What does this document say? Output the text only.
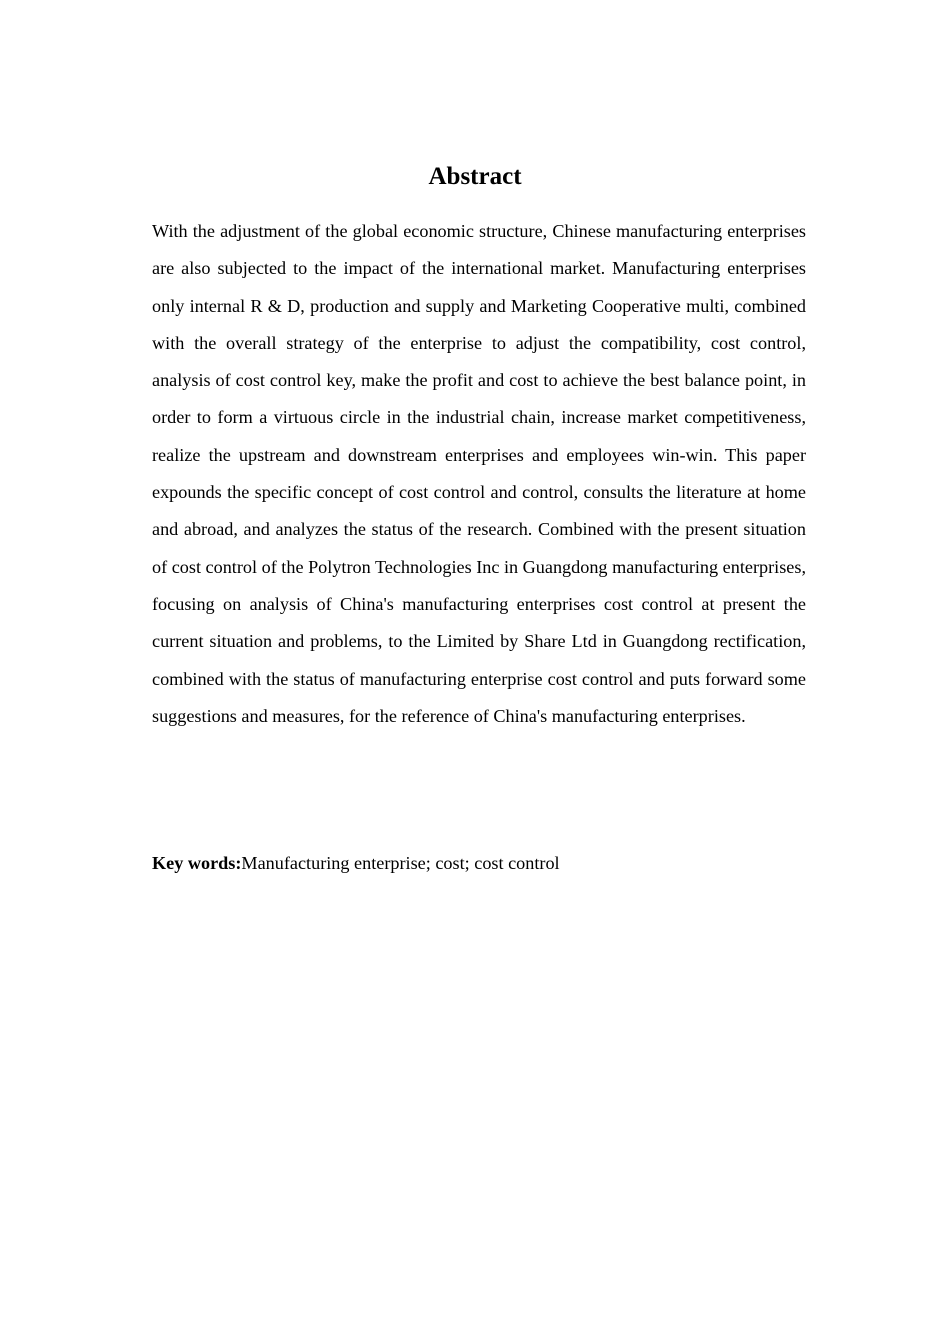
Abstract

With the adjustment of the global economic structure, Chinese manufacturing enterprises are also subjected to the impact of the international market. Manufacturing enterprises only internal R & D, production and supply and Marketing Cooperative multi, combined with the overall strategy of the enterprise to adjust the compatibility, cost control, analysis of cost control key, make the profit and cost to achieve the best balance point, in order to form a virtuous circle in the industrial chain, increase market competitiveness, realize the upstream and downstream enterprises and employees win-win. This paper expounds the specific concept of cost control and control, consults the literature at home and abroad, and analyzes the status of the research. Combined with the present situation of cost control of the Polytron Technologies Inc in Guangdong manufacturing enterprises, focusing on analysis of China's manufacturing enterprises cost control at present the current situation and problems, to the Limited by Share Ltd in Guangdong rectification, combined with the status of manufacturing enterprise cost control and puts forward some suggestions and measures, for the reference of China's manufacturing enterprises.

Key words:Manufacturing enterprise; cost; cost control
